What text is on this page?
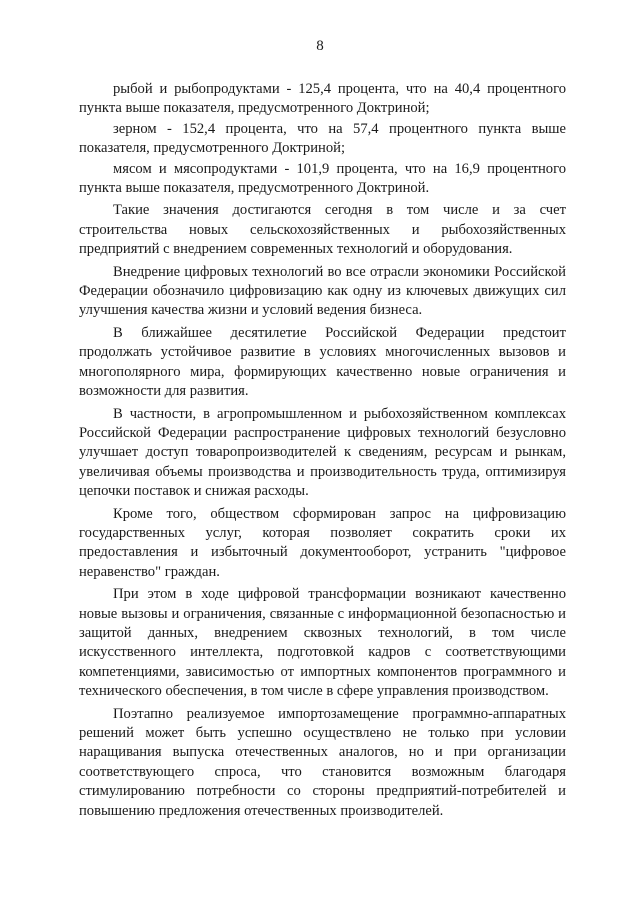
8

рыбой и рыбопродуктами - 125,4 процента, что на 40,4 процентного пункта выше показателя, предусмотренного Доктриной;

зерном - 152,4 процента, что на 57,4 процентного пункта выше показателя, предусмотренного Доктриной;

мясом и мясопродуктами - 101,9 процента, что на 16,9 процентного пункта выше показателя, предусмотренного Доктриной.

Такие значения достигаются сегодня в том числе и за счет строительства новых сельскохозяйственных и рыбохозяйственных предприятий с внедрением современных технологий и оборудования.

Внедрение цифровых технологий во все отрасли экономики Российской Федерации обозначило цифровизацию как одну из ключевых движущих сил улучшения качества жизни и условий ведения бизнеса.

В ближайшее десятилетие Российской Федерации предстоит продолжать устойчивое развитие в условиях многочисленных вызовов и многополярного мира, формирующих качественно новые ограничения и возможности для развития.

В частности, в агропромышленном и рыбохозяйственном комплексах Российской Федерации распространение цифровых технологий безусловно улучшает доступ товаропроизводителей к сведениям, ресурсам и рынкам, увеличивая объемы производства и производительность труда, оптимизируя цепочки поставок и снижая расходы.

Кроме того, обществом сформирован запрос на цифровизацию государственных услуг, которая позволяет сократить сроки их предоставления и избыточный документооборот, устранить "цифровое неравенство" граждан.

При этом в ходе цифровой трансформации возникают качественно новые вызовы и ограничения, связанные с информационной безопасностью и защитой данных, внедрением сквозных технологий, в том числе искусственного интеллекта, подготовкой кадров с соответствующими компетенциями, зависимостью от импортных компонентов программного и технического обеспечения, в том числе в сфере управления производством.

Поэтапно реализуемое импортозамещение программно-аппаратных решений может быть успешно осуществлено не только при условии наращивания выпуска отечественных аналогов, но и при организации соответствующего спроса, что становится возможным благодаря стимулированию потребности со стороны предприятий-потребителей и повышению предложения отечественных производителей.
